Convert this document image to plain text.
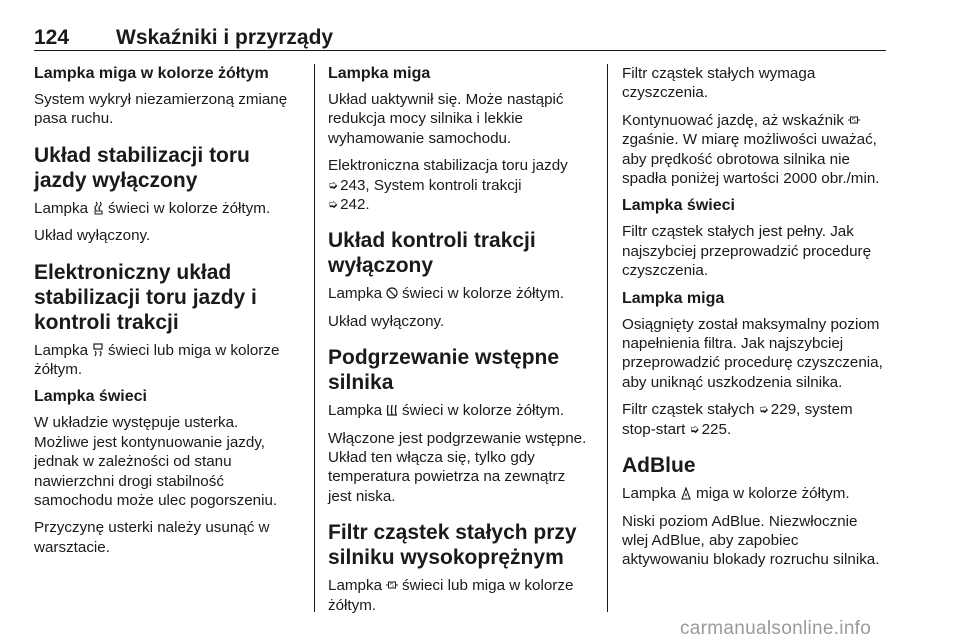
124 Wskaźniki i przyrządy
Lampka miga w kolorze żółtym

System wykrył niezamierzoną zmianę pasa ruchu.

Układ stabilizacji toru jazdy wyłączony

Lampka świeci w kolorze żółtym.

Układ wyłączony.

Elektroniczny układ stabilizacji toru jazdy i kontroli trakcji

Lampka świeci lub miga w kolorze żółtym.

Lampka świeci

W układzie występuje usterka. Możliwe jest kontynuowanie jazdy, jednak w zależności od stanu nawierzchni drogi stabilność samochodu może ulec pogorszeniu.

Przyczynę usterki należy usunąć w warsztacie.

Lampka miga

Układ uaktywnił się. Może nastąpić redukcja mocy silnika i lekkie wyhamowanie samochodu.

Elektroniczna stabilizacja toru jazdy
➭ 243, System kontroli trakcji
➭ 242.

Układ kontroli trakcji wyłączony

Lampka świeci w kolorze żółtym.

Układ wyłączony.

Podgrzewanie wstępne silnika

Lampka świeci w kolorze żółtym.

Włączone jest podgrzewanie wstępne. Układ ten włącza się, tylko gdy temperatura powietrza na zewnątrz jest niska.

Filtr cząstek stałych przy silniku wysokoprężnym

Lampka świeci lub miga w kolorze żółtym.

Filtr cząstek stałych wymaga czyszczenia.

Kontynuować jazdę, aż wskaźnik
zgaśnie. W miarę możliwości uważać, aby prędkość obrotowa silnika nie spadła poniżej wartości 2000 obr./min.

Lampka świeci

Filtr cząstek stałych jest pełny. Jak najszybciej przeprowadzić procedurę czyszczenia.

Lampka miga

Osiągnięty został maksymalny poziom napełnienia filtra. Jak najszybciej przeprowadzić procedurę czyszczenia, aby uniknąć uszkodzenia silnika.

Filtr cząstek stałych ➭ 229, system stop-start ➭ 225.

AdBlue

Lampka miga w kolorze żółtym.

Niski poziom AdBlue. Niezwłocznie wlej AdBlue, aby zapobiec aktywowaniu blokady rozruchu silnika.

carmanualsonline.info
